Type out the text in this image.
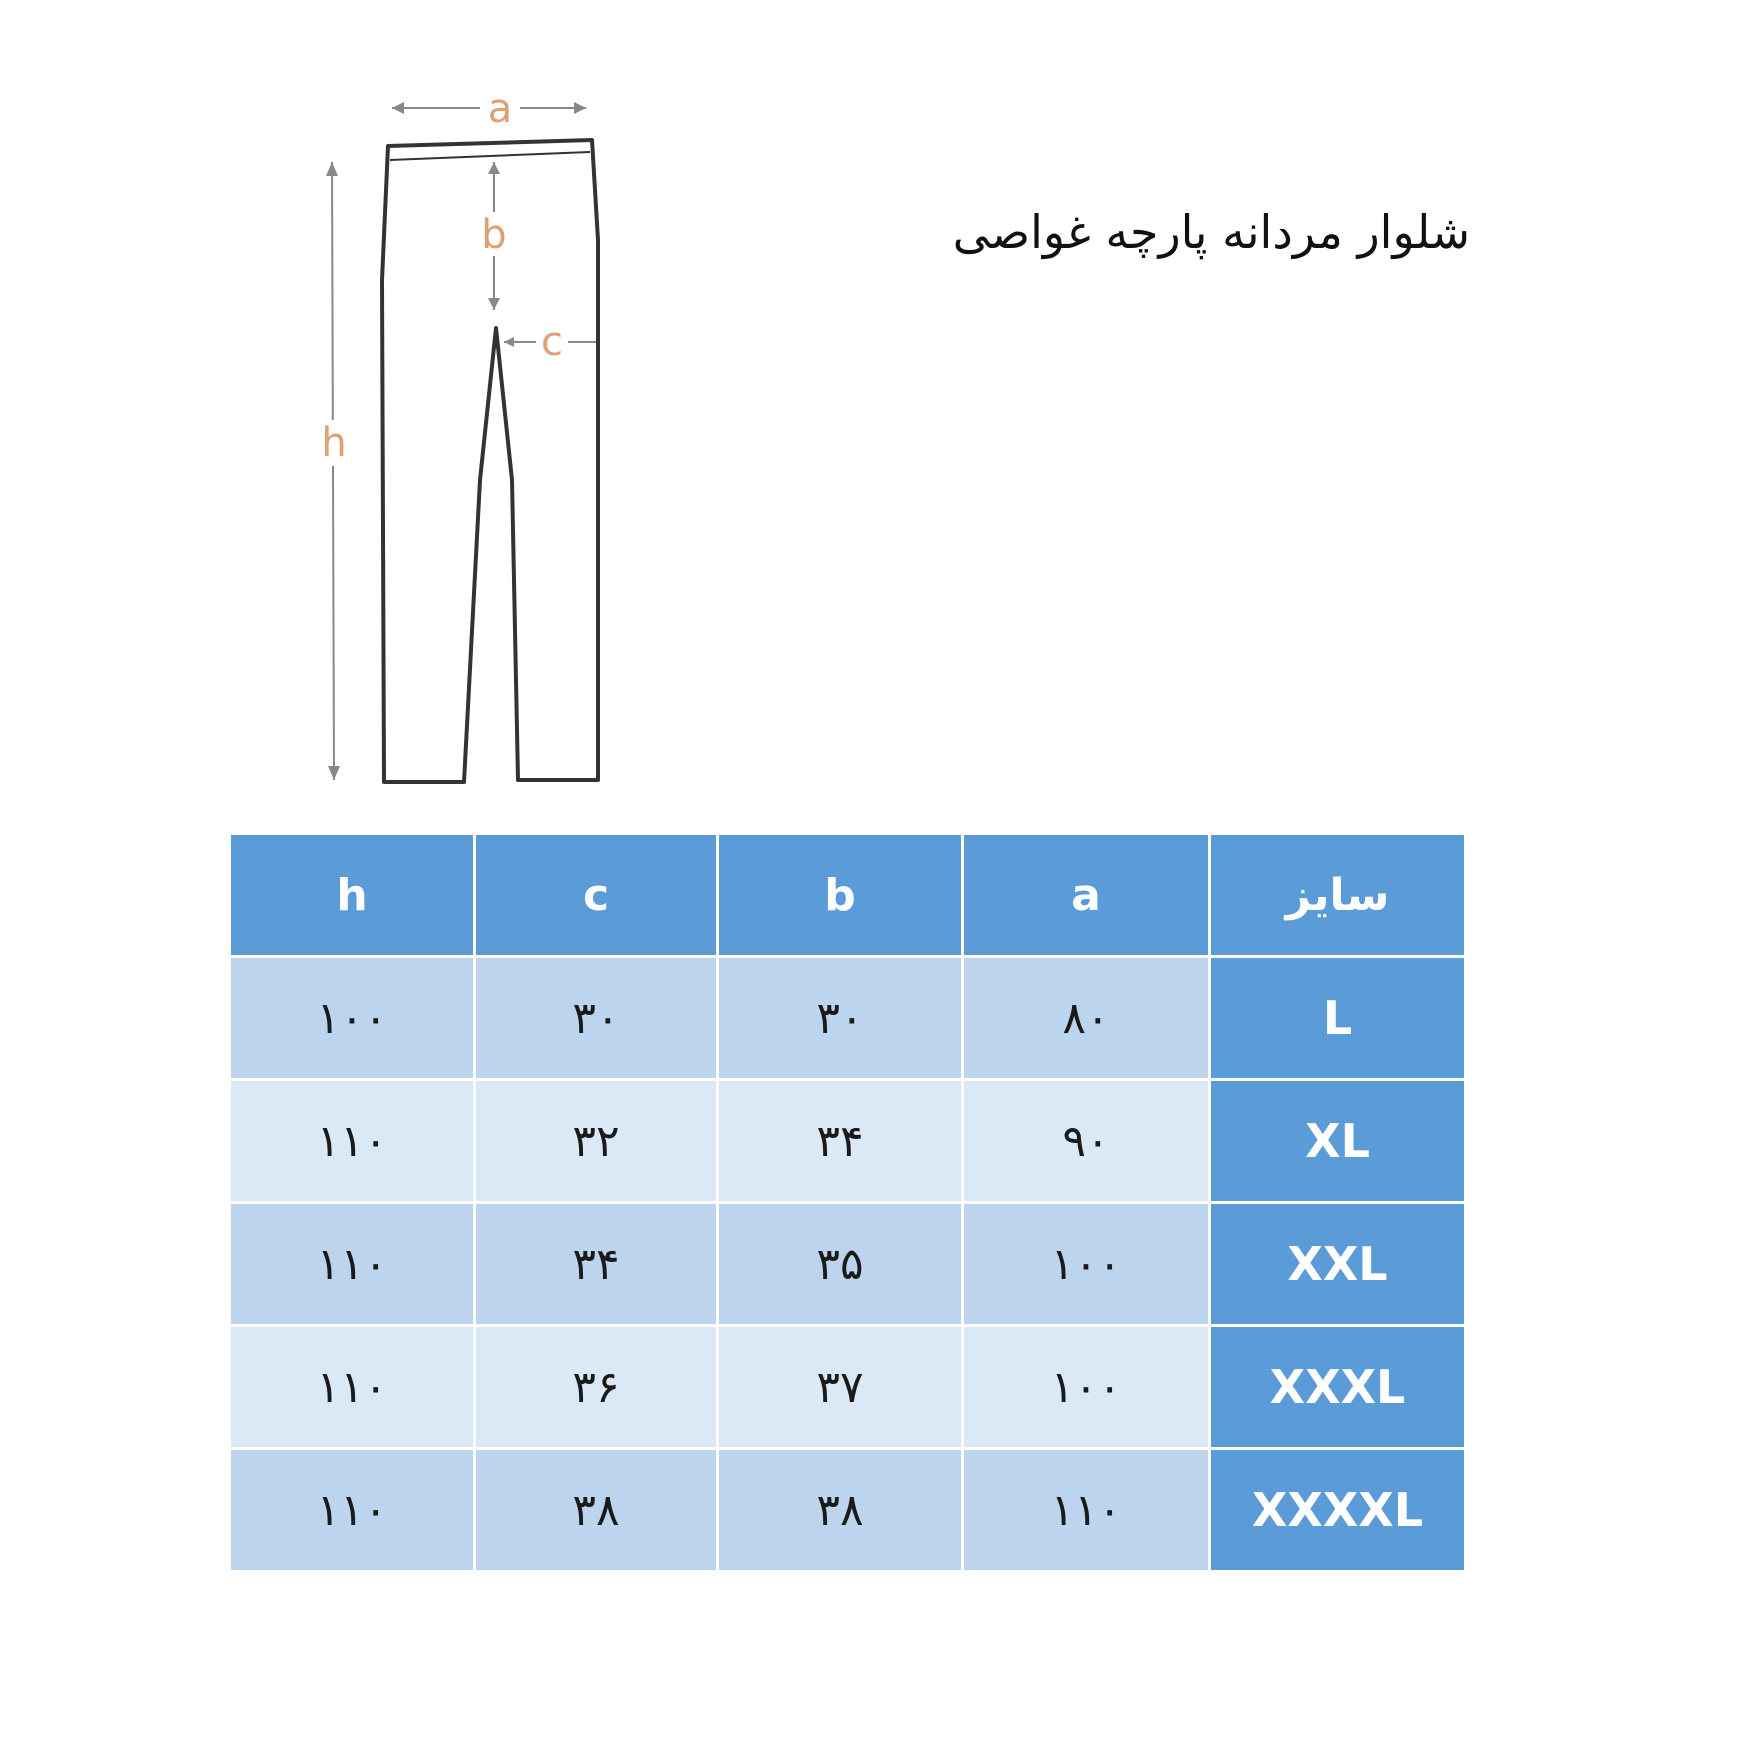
a
b
c
h
شلوار مردانه پارچه غواصی
h	c	b	a	سایز
۱۰۰	۳۰	۳۰	۸۰	L
۱۱۰	۳۲	۳۴	۹۰	XL
۱۱۰	۳۴	۳۵	۱۰۰	XXL
۱۱۰	۳۶	۳۷	۱۰۰	XXXL
۱۱۰	۳۸	۳۸	۱۱۰	XXXXL
